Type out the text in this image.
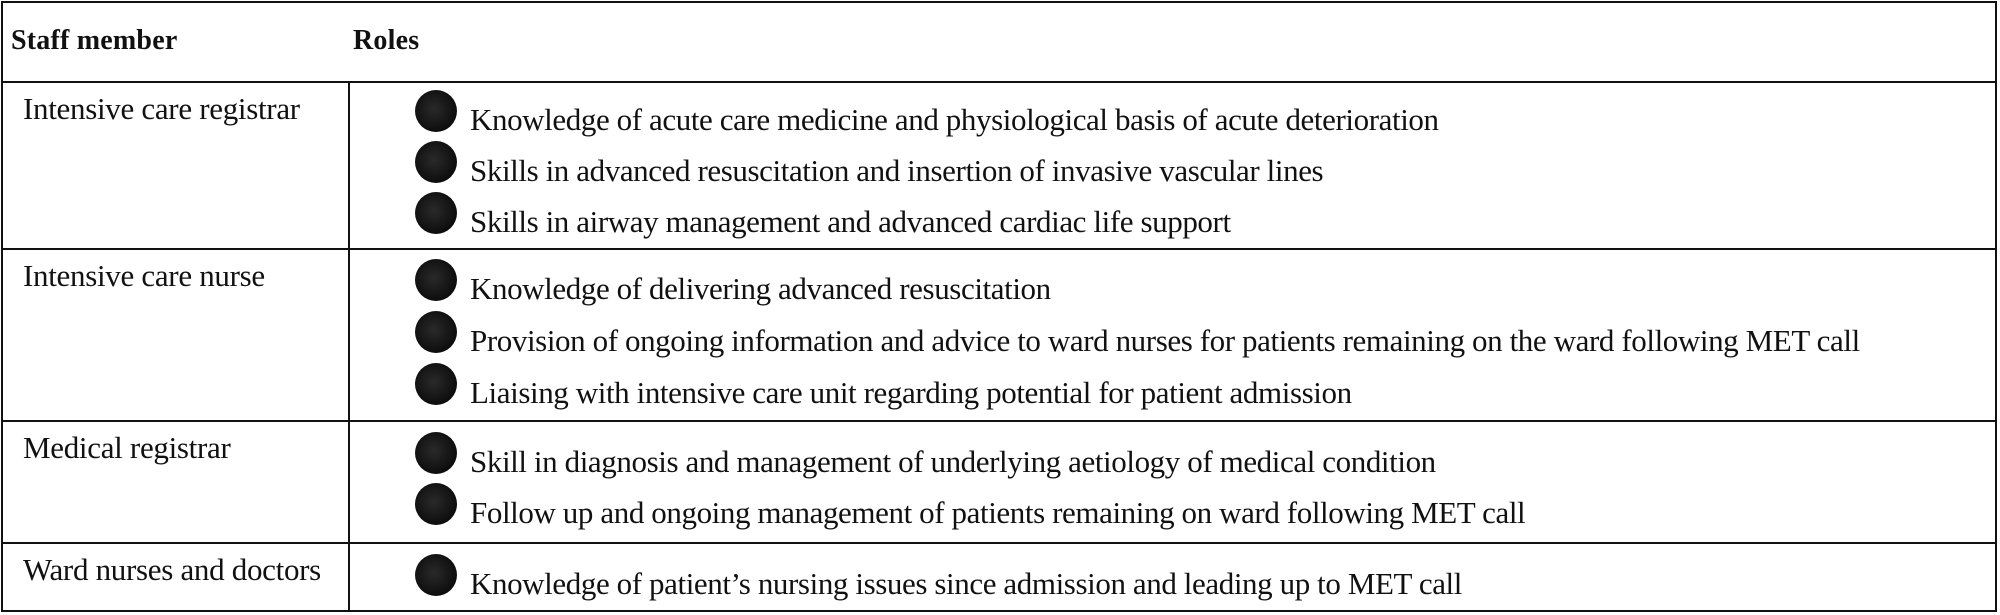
Staff member	Roles
Intensive care registrar	Knowledge of acute care medicine and physiological basis of acute deterioration
Skills in advanced resuscitation and insertion of invasive vascular lines
Skills in airway management and advanced cardiac life support
Intensive care nurse	Knowledge of delivering advanced resuscitation
Provision of ongoing information and advice to ward nurses for patients remaining on the ward following MET call
Liaising with intensive care unit regarding potential for patient admission
Medical registrar	Skill in diagnosis and management of underlying aetiology of medical condition
Follow up and ongoing management of patients remaining on ward following MET call
Ward nurses and doctors	Knowledge of patient’s nursing issues since admission and leading up to MET call
